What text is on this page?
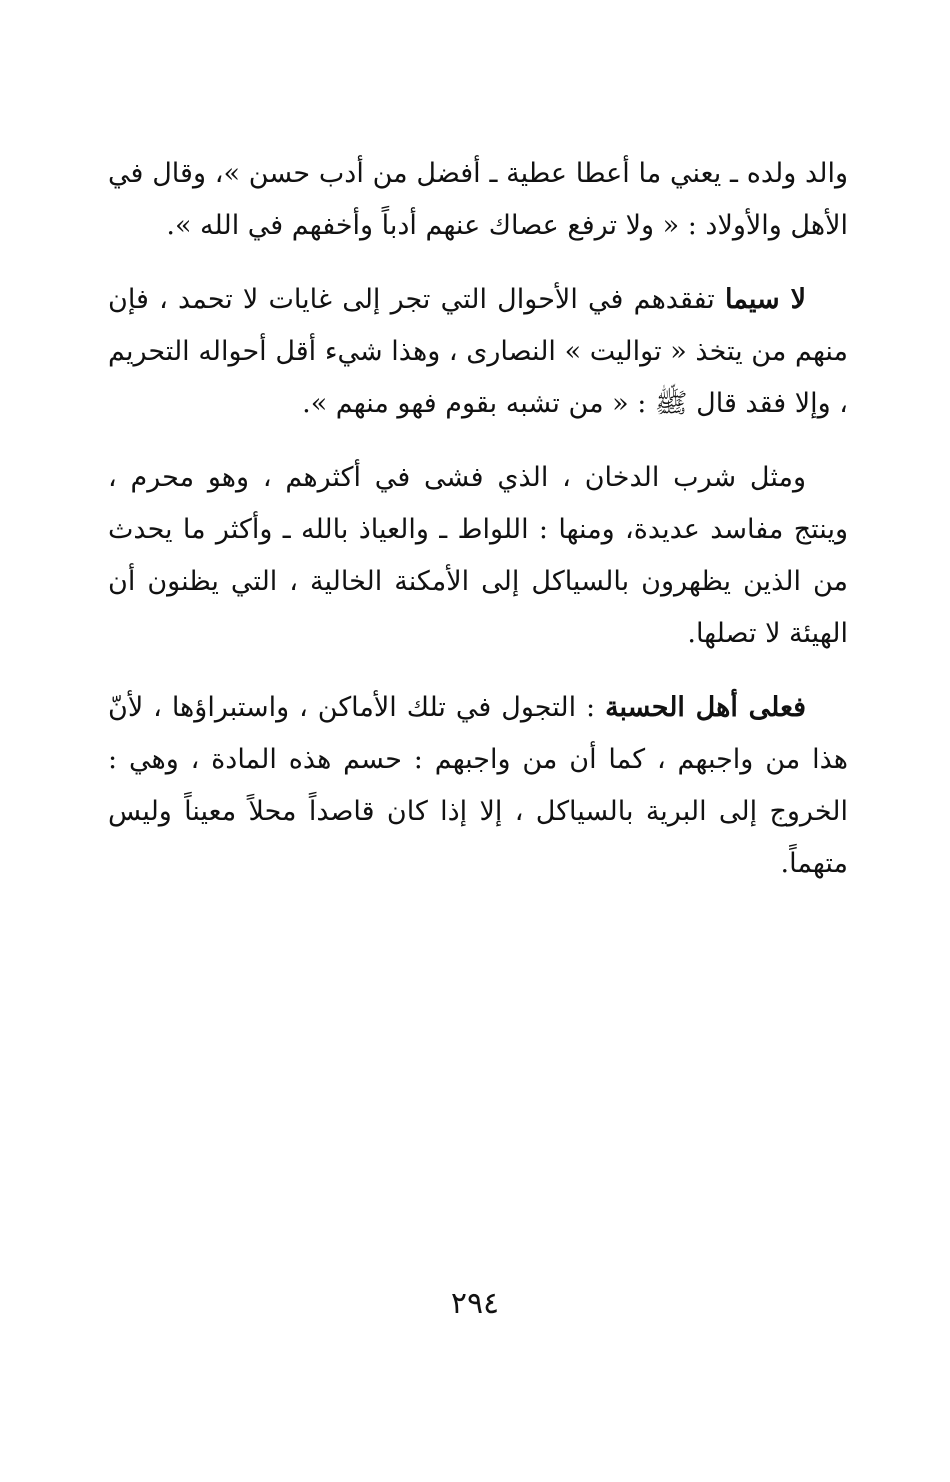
والد ولده ـ يعني ما أعطا عطية ـ أفضل من أدب حسن »، وقال في الأهل والأولاد : « ولا ترفع عصاك عنهم أدباً وأخفهم في الله ».

لا سيما تفقدهم في الأحوال التي تجر إلى غايات لا تحمد ، فإن منهم من يتخذ « تواليت » النصارى ، وهذا شيء أقل أحواله التحريم ، وإلا فقد قال ﷺ : « من تشبه بقوم فهو منهم ».

ومثل شرب الدخان ، الذي فشى في أكثرهم ، وهو محرم ، وينتج مفاسد عديدة، ومنها : اللواط ـ والعياذ بالله ـ وأكثر ما يحدث من الذين يظهرون بالسياكل إلى الأمكنة الخالية ، التي يظنون أن الهيئة لا تصلها.

فعلى أهل الحسبة : التجول في تلك الأماكن ، واستبراؤها ، لأنّ هذا من واجبهم ، كما أن من واجبهم : حسم هذه المادة ، وهي : الخروج إلى البرية بالسياكل ، إلا إذا كان قاصداً محلاً معيناً وليس متهماً.

٢٩٤
